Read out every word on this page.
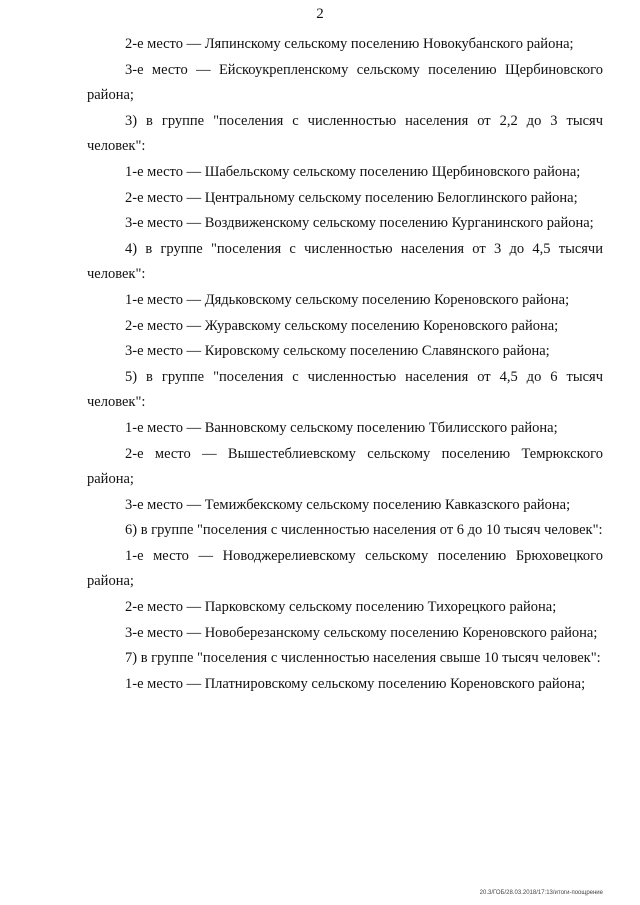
2

2-е место — Ляпинскому сельскому поселению Новокубанского района;

3-е место — Ейскоукрепленскому сельскому поселению Щербиновского района;

3) в группе "поселения с численностью населения от 2,2 до 3 тысяч человек":

1-е место — Шабельскому сельскому поселению Щербиновского района;

2-е место — Центральному сельскому поселению Белоглинского района;

3-е место — Воздвиженскому сельскому поселению Курганинского района;

4) в группе "поселения с численностью населения от 3 до 4,5 тысячи человек":

1-е место — Дядьковскому сельскому поселению Кореновского района;

2-е место — Журавскому сельскому поселению Кореновского района;

3-е место — Кировскому сельскому поселению Славянского района;

5) в группе "поселения с численностью населения от 4,5 до 6 тысяч человек":

1-е место — Ванновскому сельскому поселению Тбилисского района;

2-е место — Вышестеблиевскому сельскому поселению Темрюкского района;

3-е место — Темижбекскому сельскому поселению Кавказского района;

6) в группе "поселения с численностью населения от 6 до 10 тысяч человек":

1-е место — Новоджерелиевскому сельскому поселению Брюховецкого района;

2-е место — Парковскому сельскому поселению Тихорецкого района;

3-е место — Новоберезанскому сельскому поселению Кореновского района;

7) в группе "поселения с численностью населения свыше 10 тысяч человек":

1-е место — Платнировскому сельскому поселению Кореновского района;

20.3/ГОБ/28.03.2018/17:13/итоги-поощрение
